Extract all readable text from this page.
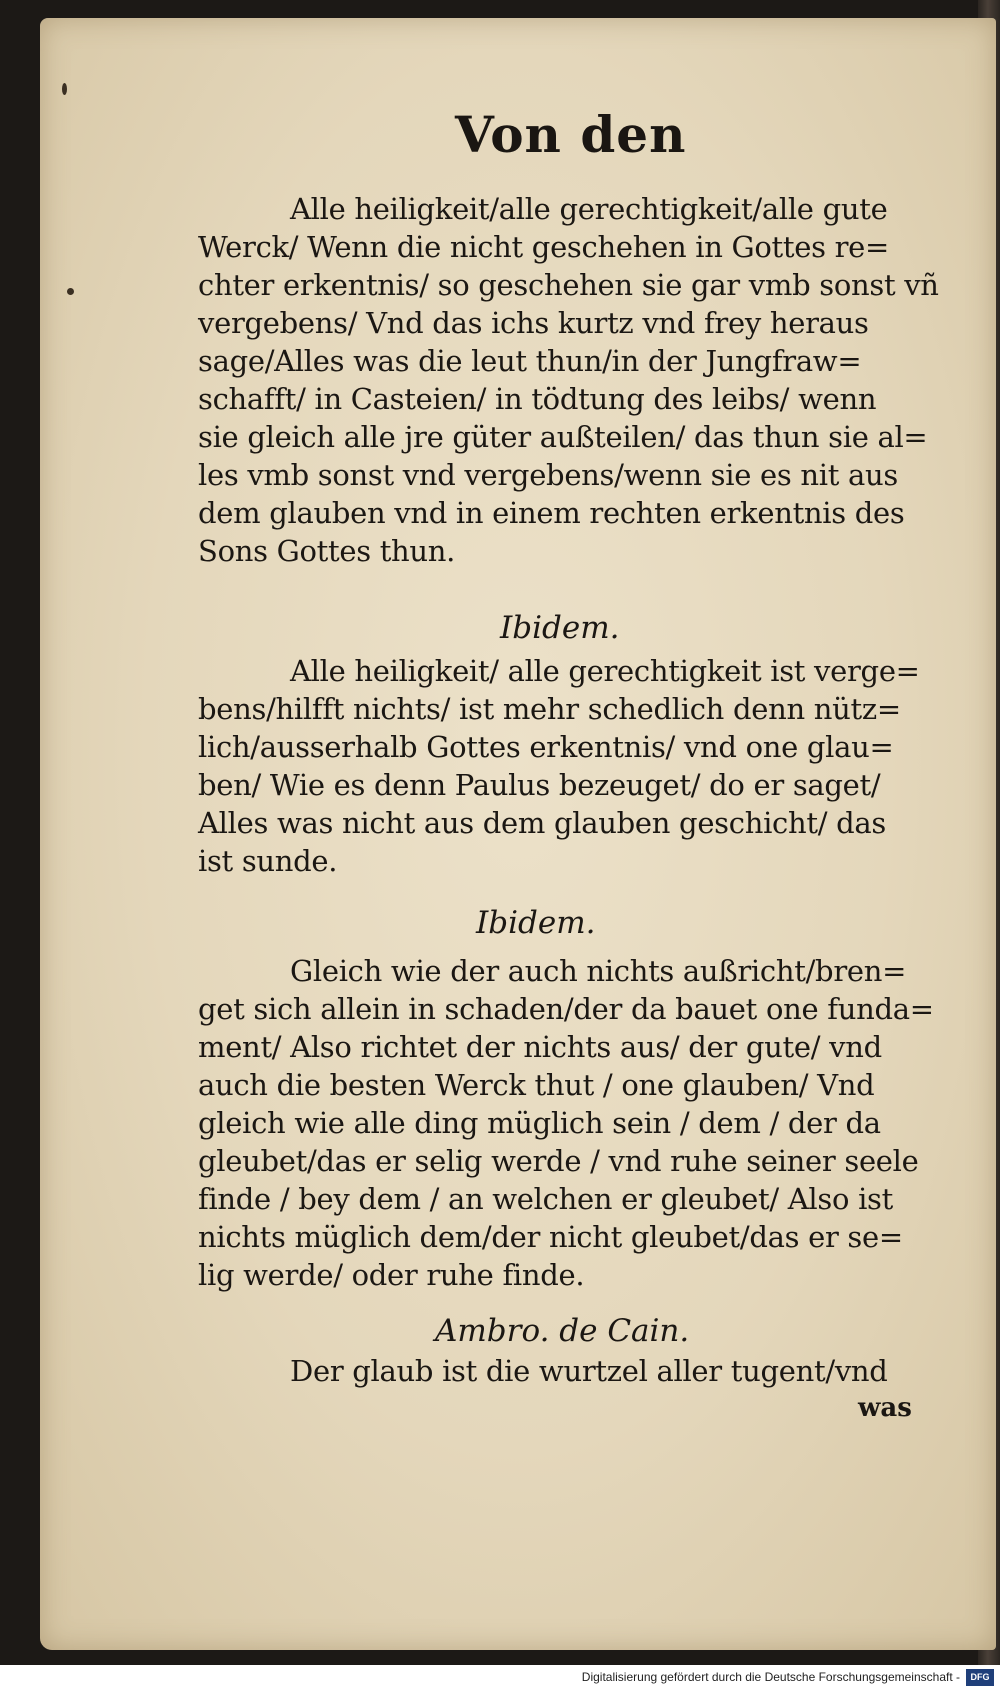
Von den
Alle heiligkeit/alle gerechtigkeit/alle gute
Werck/ Wenn die nicht geschehen in Gottes re=
chter erkentnis/ so geschehen sie gar vmb sonst vñ
vergebens/ Vnd das ichs kurtz vnd frey heraus
sage/Alles was die leut thun/in der Jungfraw=
schafft/ in Casteien/ in tödtung des leibs/ wenn
sie gleich alle jre güter außteilen/ das thun sie al=
les vmb sonst vnd vergebens/wenn sie es nit aus
dem glauben vnd in einem rechten erkentnis des
Sons Gottes thun.
Ibidem.
Alle heiligkeit/ alle gerechtigkeit ist verge=
bens/hilfft nichts/ ist mehr schedlich denn nütz=
lich/ausserhalb Gottes erkentnis/ vnd one glau=
ben/ Wie es denn Paulus bezeuget/ do er saget/
Alles was nicht aus dem glauben geschicht/ das
ist sunde.
Ibidem.
Gleich wie der auch nichts außricht/bren=
get sich allein in schaden/der da bauet one funda=
ment/ Also richtet der nichts aus/ der gute/ vnd
auch die besten Werck thut / one glauben/ Vnd
gleich wie alle ding müglich sein / dem / der da
gleubet/das er selig werde / vnd ruhe seiner seele
finde / bey dem / an welchen er gleubet/ Also ist
nichts müglich dem/der nicht gleubet/das er se=
lig werde/ oder ruhe finde.
Ambro. de Cain.
Der glaub ist die wurtzel aller tugent/vnd
was
Digitalisierung gefördert durch die Deutsche Forschungsgemeinschaft -	DFG
